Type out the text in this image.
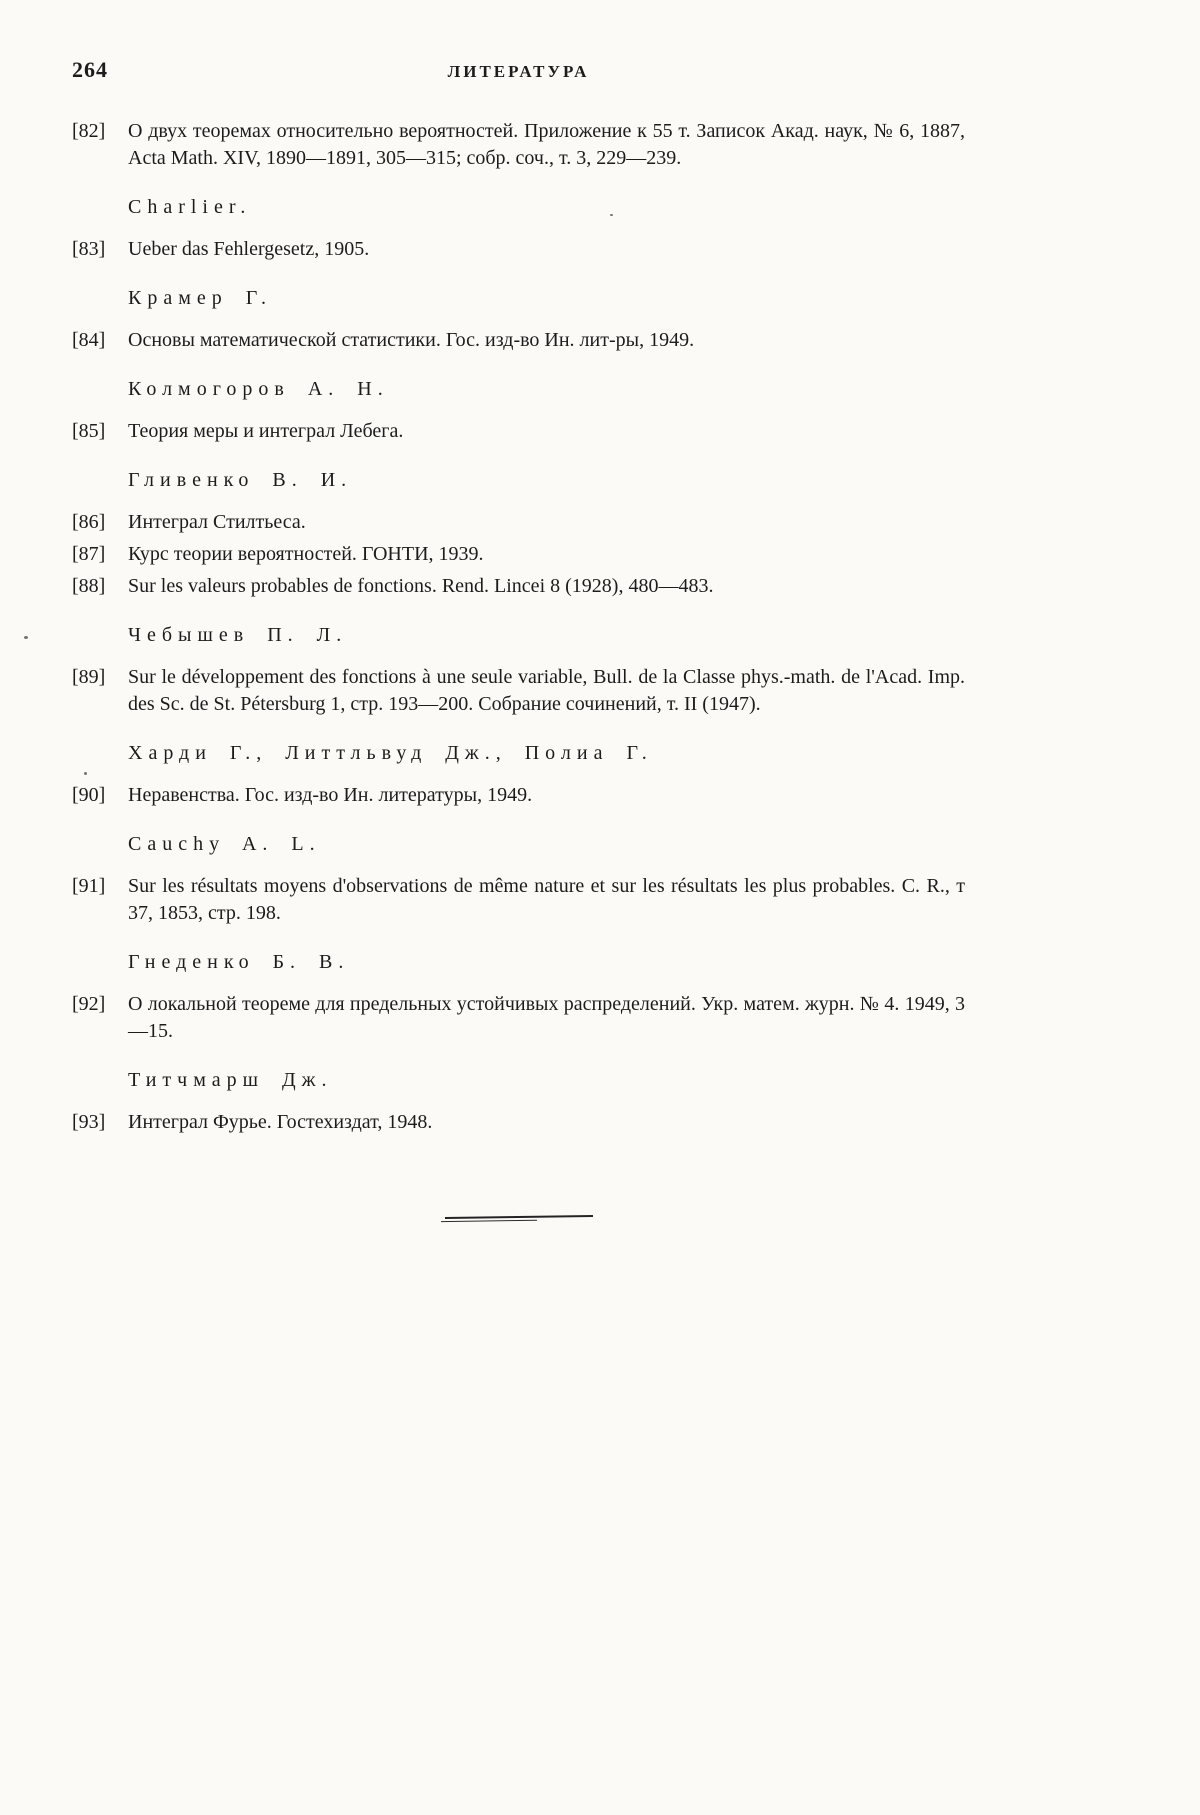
264	ЛИТЕРАТУРА

[82] О двух теоремах относительно вероятностей. Приложение к 55 т. Записок Акад. наук, № 6, 1887, Acta Math. XIV, 1890—1891, 305—315; собр. соч., т. 3, 229—239.

Charlier.

[83] Ueber das Fehlergesetz, 1905.

Крамер Г.

[84] Основы математической статистики. Гос. изд-во Ин. лит-ры, 1949.

Колмогоров А. Н.

[85] Теория меры и интеграл Лебега.

Гливенко В. И.

[86] Интеграл Стилтьеса.

[87] Курс теории вероятностей. ГОНТИ, 1939.

[88] Sur les valeurs probables de fonctions. Rend. Lincei 8 (1928), 480—483.

Чебышев П. Л.

[89] Sur le développement des fonctions à une seule variable, Bull. de la Classe phys.-math. de l'Acad. Imp. des Sc. de St. Pétersburg 1, стр. 193—200. Собрание сочинений, т. II (1947).

Харди Г., Литтльвуд Дж., Полиа Г.

[90] Неравенства. Гос. изд-во Ин. литературы, 1949.

Cauchy A. L.

[91] Sur les résultats moyens d'observations de même nature et sur les résultats les plus probables. C. R., т 37, 1853, стр. 198.

Гнеденко Б. В.

[92] О локальной теореме для предельных устойчивых распределений. Укр. матем. журн. № 4. 1949, 3—15.

Титчмарш Дж.

[93] Интеграл Фурье. Гостехиздат, 1948.
